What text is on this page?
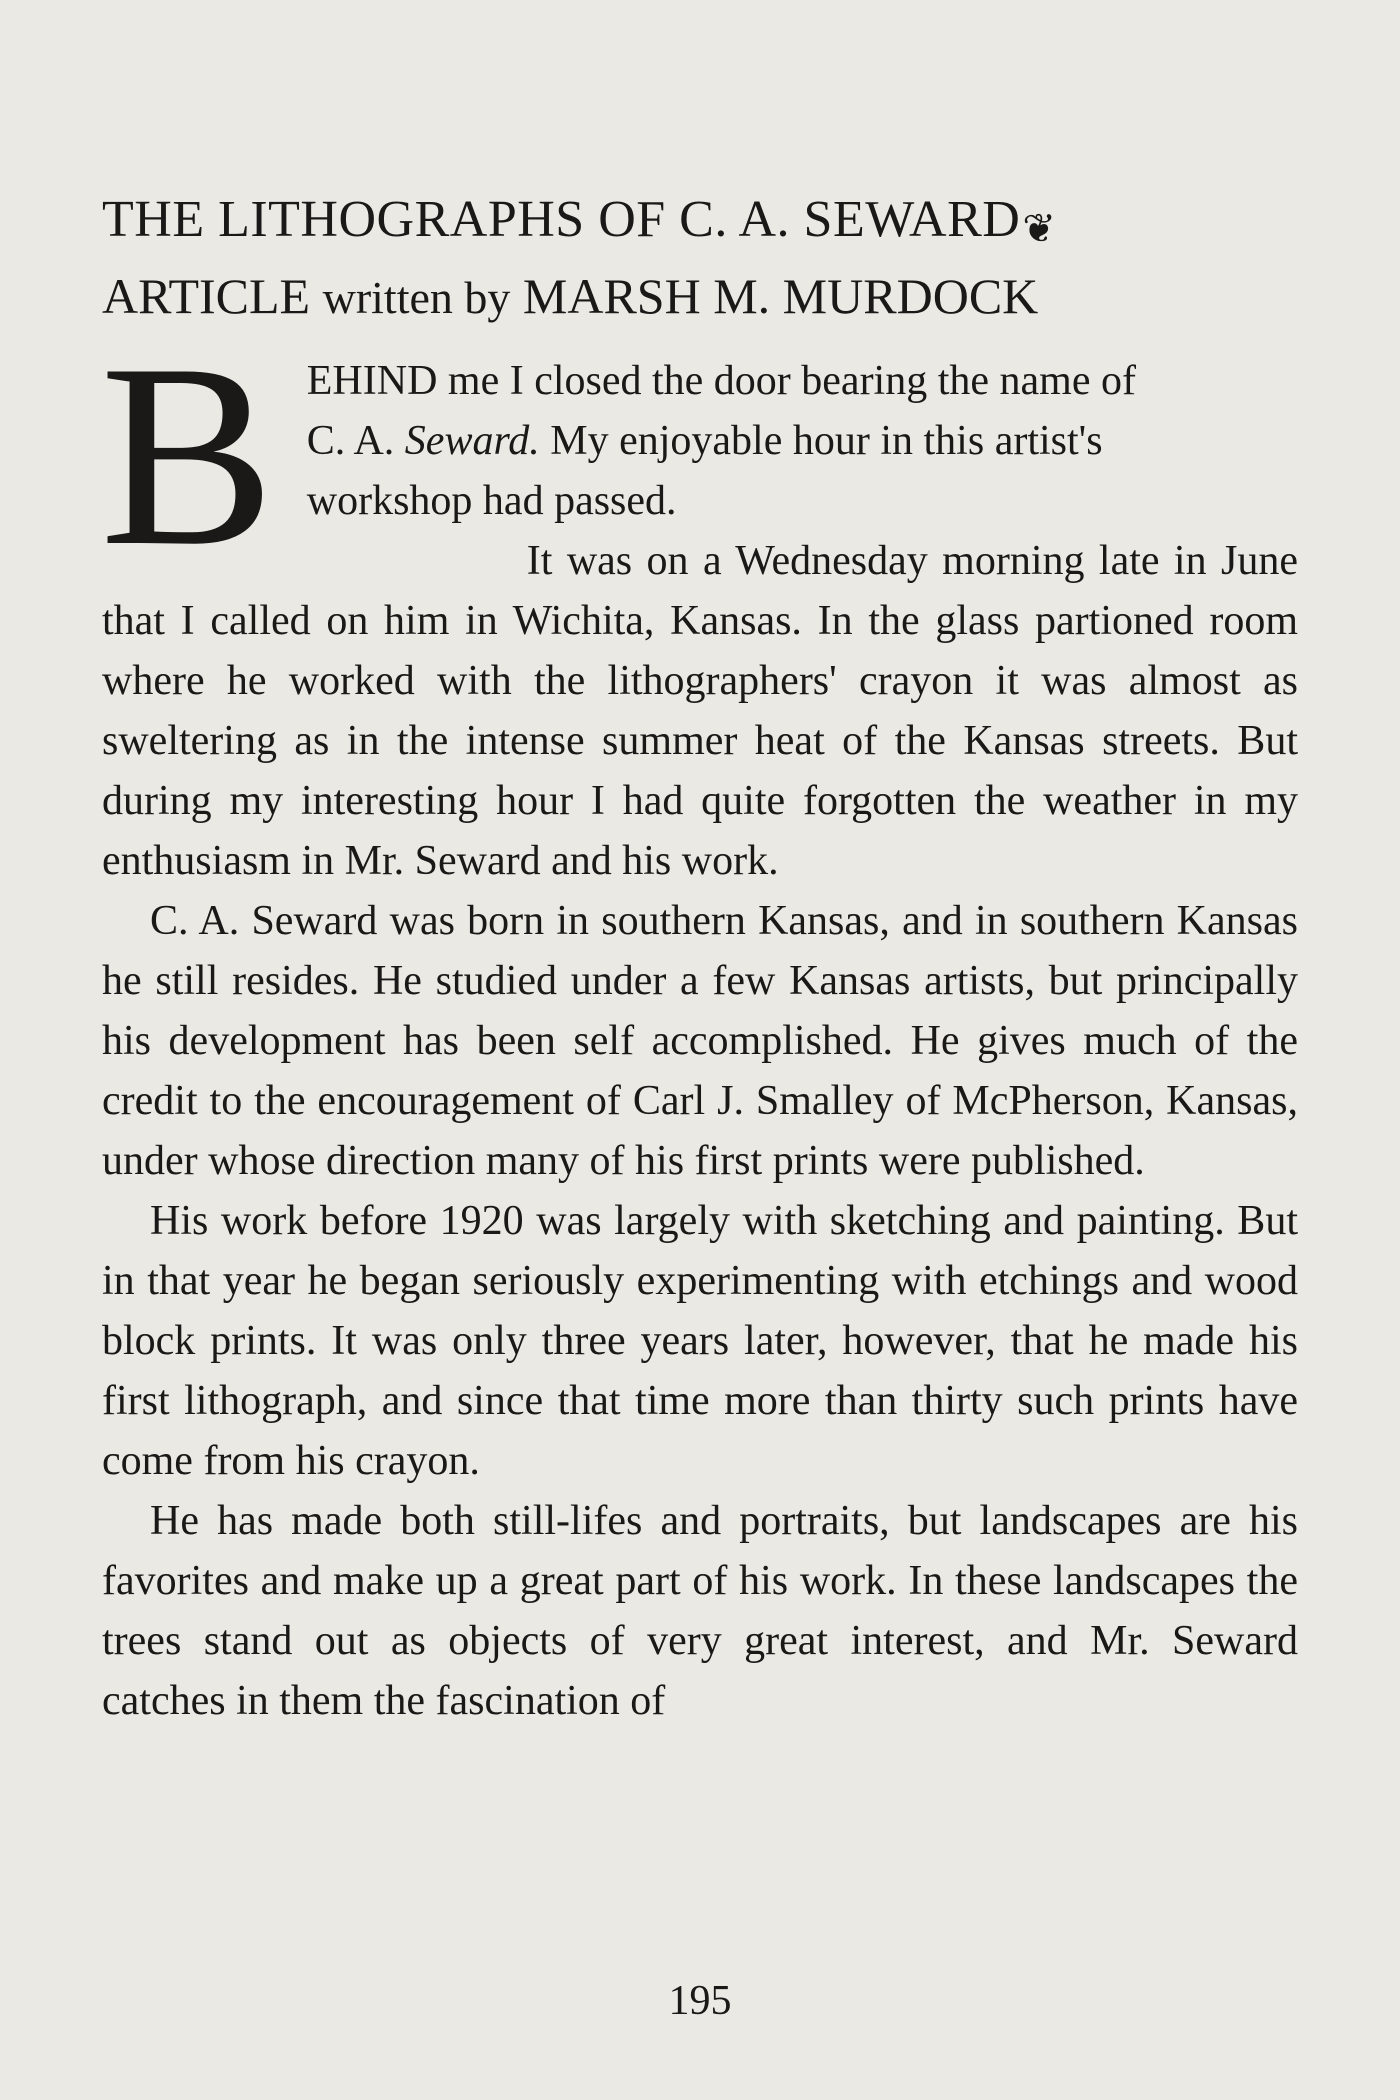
THE LITHOGRAPHS OF C. A. SEWARD❦
ARTICLE written by MARSH M. MURDOCK
B EHIND me I closed the door bearing the name of
C. A. Seward. My enjoyable hour in this artist's
workshop had passed.

It was on a Wednesday morning late in June that I called on him in Wichita, Kansas. In the glass partioned room where he worked with the lithographers' crayon it was almost as sweltering as in the intense summer heat of the Kansas streets. But during my interesting hour I had quite forgotten the weather in my enthusiasm in Mr. Seward and his work.

C. A. Seward was born in southern Kansas, and in southern Kansas he still resides. He studied under a few Kansas artists, but principally his development has been self accomplished. He gives much of the credit to the encouragement of Carl J. Smalley of McPherson, Kansas, under whose direction many of his first prints were published.

His work before 1920 was largely with sketching and painting. But in that year he began seriously experimenting with etchings and wood block prints. It was only three years later, however, that he made his first lithograph, and since that time more than thirty such prints have come from his crayon.

He has made both still-lifes and portraits, but landscapes are his favorites and make up a great part of his work. In these landscapes the trees stand out as objects of very great interest, and Mr. Seward catches in them the fascination of

195
